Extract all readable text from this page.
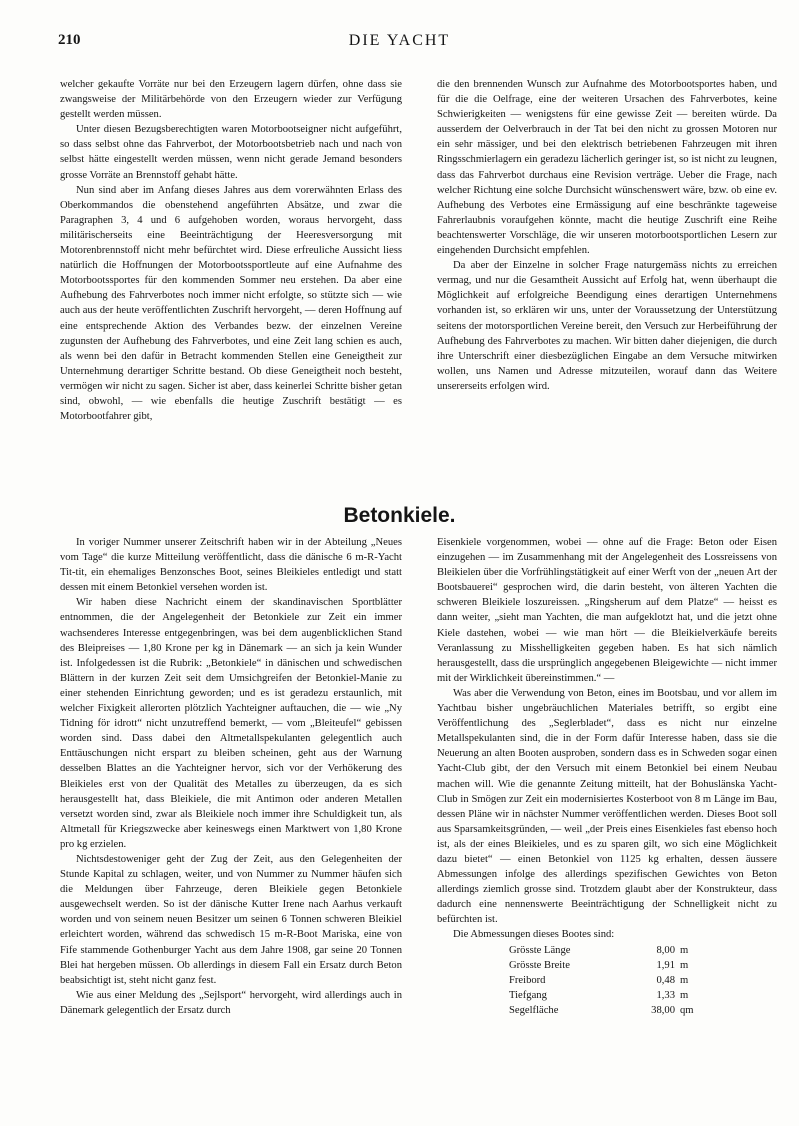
210	DIE YACHT

welcher gekaufte Vorräte nur bei den Erzeugern lagern dürfen, ohne dass sie zwangsweise der Militärbehörde von den Erzeugern wieder zur Verfügung gestellt werden müssen.

Unter diesen Bezugsberechtigten waren Motorbootseigner nicht aufgeführt, so dass selbst ohne das Fahrverbot, der Motorbootsbetrieb nach und nach von selbst hätte eingestellt werden müssen, wenn nicht gerade Jemand besonders grosse Vorräte an Brennstoff gehabt hätte.

Nun sind aber im Anfang dieses Jahres aus dem vorerwähnten Erlass des Oberkommandos die obenstehend angeführten Absätze, und zwar die Paragraphen 3, 4 und 6 aufgehoben worden, woraus hervorgeht, dass militärischerseits eine Beeinträchtigung der Heeresversorgung mit Motorenbrennstoff nicht mehr befürchtet wird. Diese erfreuliche Aussicht liess natürlich die Hoffnungen der Motorbootssportleute auf eine Aufnahme des Motorbootssportes für den kommenden Sommer neu erstehen. Da aber eine Aufhebung des Fahrverbotes noch immer nicht erfolgte, so stützte sich — wie auch aus der heute veröffentlichten Zuschrift hervorgeht, — deren Hoffnung auf eine entsprechende Aktion des Verbandes bezw. der einzelnen Vereine zugunsten der Aufhebung des Fahrverbotes, und eine Zeit lang schien es auch, als wenn bei den dafür in Betracht kommenden Stellen eine Geneigtheit zur Unternehmung derartiger Schritte bestand. Ob diese Geneigtheit noch besteht, vermögen wir nicht zu sagen. Sicher ist aber, dass keinerlei Schritte bisher getan sind, obwohl, — wie ebenfalls die heutige Zuschrift bestätigt — es Motorbootfahrer gibt,

die den brennenden Wunsch zur Aufnahme des Motorbootsportes haben, und für die die Oelfrage, eine der weiteren Ursachen des Fahrverbotes, keine Schwierigkeiten — wenigstens für eine gewisse Zeit — bereiten würde. Da ausserdem der Oelverbrauch in der Tat bei den nicht zu grossen Motoren nur ein sehr mässiger, und bei den elektrisch betriebenen Fahrzeugen mit ihren Ringsschmierlagern ein geradezu lächerlich geringer ist, so ist nicht zu leugnen, dass das Fahrverbot durchaus eine Revision verträge. Ueber die Frage, nach welcher Richtung eine solche Durchsicht wünschenswert wäre, bzw. ob eine ev. Aufhebung des Verbotes eine Ermässigung auf eine beschränkte tageweise Fahrerlaubnis voraufgehen könnte, macht die heutige Zuschrift eine Reihe beachtenswerter Vorschläge, die wir unseren motorbootsportlichen Lesern zur eingehenden Durchsicht empfehlen.

Da aber der Einzelne in solcher Frage naturgemäss nichts zu erreichen vermag, und nur die Gesamtheit Aussicht auf Erfolg hat, wenn überhaupt die Möglichkeit auf erfolgreiche Beendigung eines derartigen Unternehmens vorhanden ist, so erklären wir uns, unter der Voraussetzung der Unterstützung seitens der motorsportlichen Vereine bereit, den Versuch zur Herbeiführung der Aufhebung des Fahrverbotes zu machen. Wir bitten daher diejenigen, die durch ihre Unterschrift einer diesbezüglichen Eingabe an dem Versuche mitwirken wollen, uns Namen und Adresse mitzuteilen, worauf dann das Weitere unsererseits erfolgen wird.

Betonkiele.

In voriger Nummer unserer Zeitschrift haben wir in der Abteilung „Neues vom Tage“ die kurze Mitteilung veröffentlicht, dass die dänische 6 m-R-Yacht Tit-tit, ein ehemaliges Benzonsches Boot, seines Bleikieles entledigt und statt dessen mit einem Betonkiel versehen worden ist.

Wir haben diese Nachricht einem der skandinavischen Sportblätter entnommen, die der Angelegenheit der Betonkiele zur Zeit ein immer wachsenderes Interesse entgegenbringen, was bei dem augenblicklichen Stand des Bleipreises — 1,80 Krone per kg in Dänemark — an sich ja kein Wunder ist. Infolgedessen ist die Rubrik: „Betonkiele“ in dänischen und schwedischen Blättern in der kurzen Zeit seit dem Umsichgreifen der Betonkiel-Manie zu einer stehenden Einrichtung geworden; und es ist geradezu erstaunlich, mit welcher Fixigkeit allerorten plötzlich Yachteigner auftauchen, die — wie „Ny Tidning för idrott“ nicht unzutreffend bemerkt, — vom „Bleiteufel“ gebissen worden sind. Dass dabei den Altmetallspekulanten gelegentlich auch Enttäuschungen nicht erspart zu bleiben scheinen, geht aus der Warnung desselben Blattes an die Yachteigner hervor, sich vor der Verhökerung des Bleikieles erst von der Qualität des Metalles zu überzeugen, da es sich herausgestellt hat, dass Bleikiele, die mit Antimon oder anderen Metallen versetzt worden sind, zwar als Bleikiele noch immer ihre Schuldigkeit tun, als Altmetall für Kriegszwecke aber keineswegs einen Marktwert von 1,80 Krone pro kg erzielen.

Nichtsdestoweniger geht der Zug der Zeit, aus den Gelegenheiten der Stunde Kapital zu schlagen, weiter, und von Nummer zu Nummer häufen sich die Meldungen über Fahrzeuge, deren Bleikiele gegen Betonkiele ausgewechselt werden. So ist der dänische Kutter Irene nach Aarhus verkauft worden und von seinem neuen Besitzer um seinen 6 Tonnen schweren Bleikiel erleichtert worden, während das schwedisch 15 m-R-Boot Mariska, eine von Fife stammende Gothenburger Yacht aus dem Jahre 1908, gar seine 20 Tonnen Blei hat hergeben müssen. Ob allerdings in diesem Fall ein Ersatz durch Beton beabsichtigt ist, steht nicht ganz fest.

Wie aus einer Meldung des „Sejlsport“ hervorgeht, wird allerdings auch in Dänemark gelegentlich der Ersatz durch

Eisenkiele vorgenommen, wobei — ohne auf die Frage: Beton oder Eisen einzugehen — im Zusammenhang mit der Angelegenheit des Lossreissens von Bleikielen über die Vorfrühlingstätigkeit auf einer Werft von der „neuen Art der Bootsbauerei“ gesprochen wird, die darin besteht, von älteren Yachten die schweren Bleikiele loszureissen. „Ringsherum auf dem Platze“ — heisst es dann weiter, „sieht man Yachten, die man aufgeklotzt hat, und die jetzt ohne Kiele dastehen, wobei — wie man hört — die Bleikielverkäufe bereits Veranlassung zu Misshelligkeiten gegeben haben. Es hat sich nämlich herausgestellt, dass die ursprünglich angegebenen Bleigewichte — nicht immer mit der Wirklichkeit übereinstimmen.“ —

Was aber die Verwendung von Beton, eines im Bootsbau, und vor allem im Yachtbau bisher ungebräuchlichen Materiales betrifft, so ergibt eine Veröffentlichung des „Seglerbladet“, dass es nicht nur einzelne Metallspekulanten sind, die in der Form dafür Interesse haben, dass sie die Neuerung an alten Booten ausproben, sondern dass es in Schweden sogar einen Yacht-Club gibt, der den Versuch mit einem Betonkiel bei einem Neubau machen will. Wie die genannte Zeitung mitteilt, hat der Bohuslänska Yacht-Club in Smögen zur Zeit ein modernisiertes Kosterboot von 8 m Länge im Bau, dessen Pläne wir in nächster Nummer veröffentlichen werden. Dieses Boot soll aus Sparsamkeitsgründen, — weil „der Preis eines Eisenkieles fast ebenso hoch ist, als der eines Bleikieles, und es zu sparen gilt, wo sich eine Möglichkeit dazu bietet“ — einen Betonkiel von 1125 kg erhalten, dessen äussere Abmessungen infolge des allerdings spezifischen Gewichtes von Beton allerdings ziemlich grosse sind. Trotzdem glaubt aber der Konstrukteur, dass dadurch eine nennenswerte Beeinträchtigung der Schnelligkeit nicht zu befürchten ist.

Die Abmessungen dieses Bootes sind:

Grösste Länge	8,00	m
Grösste Breite	1,91	m
Freibord	0,48	m
Tiefgang	1,33	m
Segelfläche	38,00	qm
